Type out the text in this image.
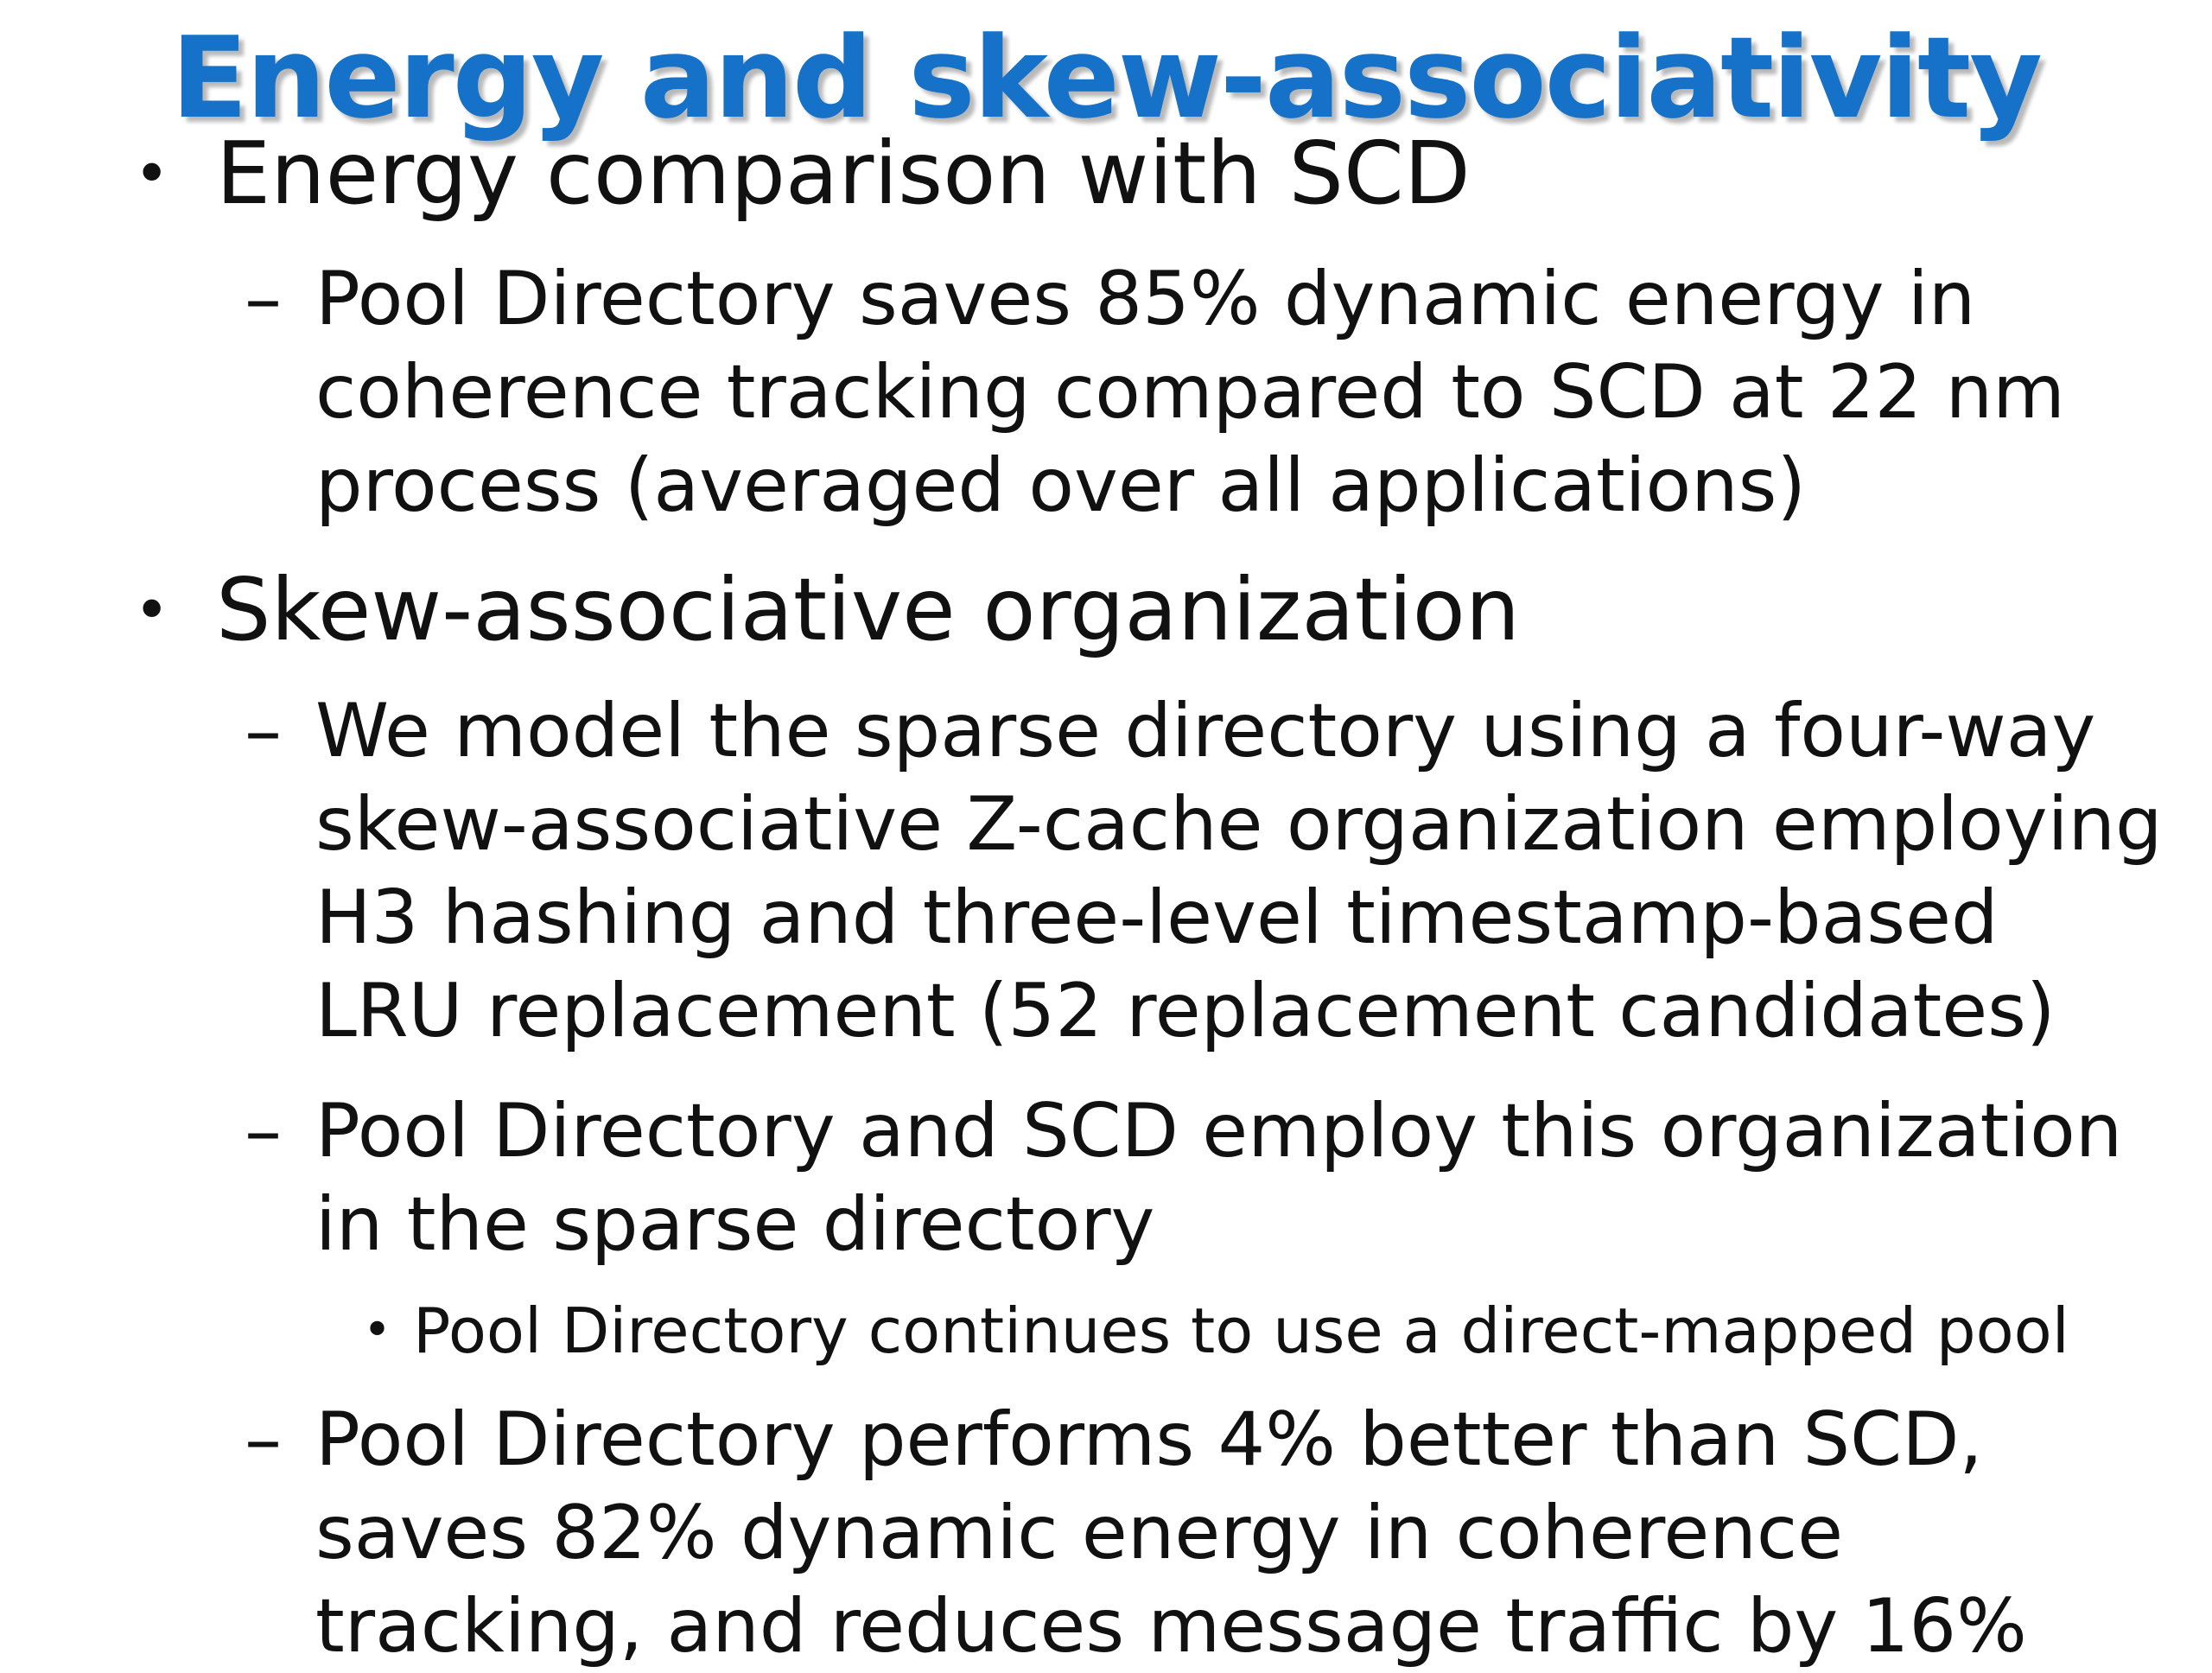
Energy and skew-associativity
• Energy comparison with SCD
– Pool Directory saves 85% dynamic energy in
coherence tracking compared to SCD at 22 nm
process (averaged over all applications)
• Skew-associative organization
– We model the sparse directory using a four-way
skew-associative Z-cache organization employing
H3 hashing and three-level timestamp-based
LRU replacement (52 replacement candidates)
– Pool Directory and SCD employ this organization
in the sparse directory
• Pool Directory continues to use a direct-mapped pool
– Pool Directory performs 4% better than SCD,
saves 82% dynamic energy in coherence
tracking, and reduces message traffic by 16%
